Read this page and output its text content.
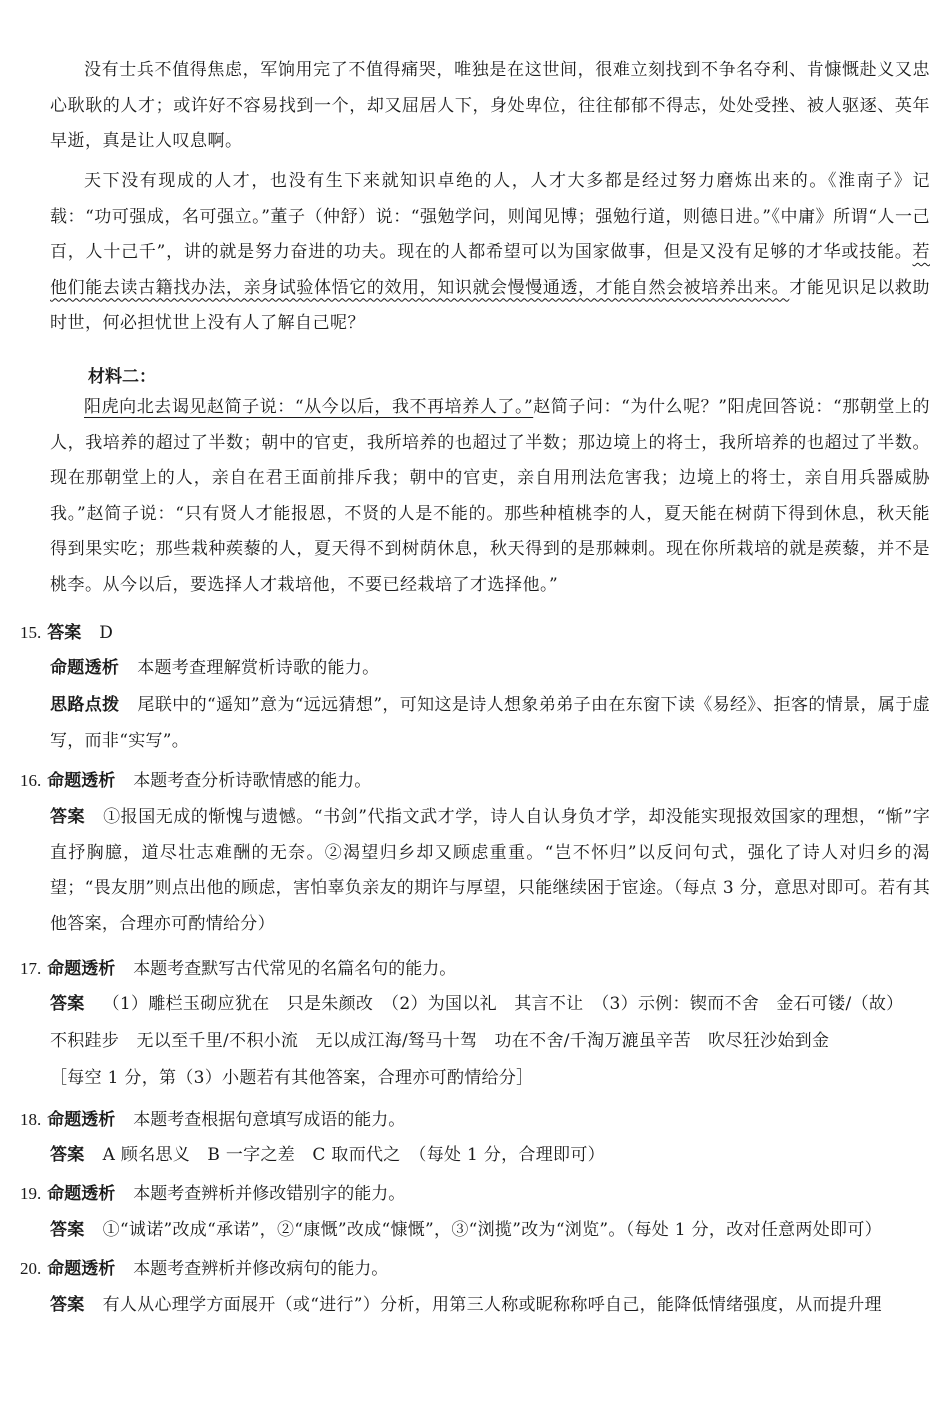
没有士兵不值得焦虑，军饷用完了不值得痛哭，唯独是在这世间，很难立刻找到不争名夺利、肯慷慨赴义又忠心耿耿的人才；或许好不容易找到一个，却又屈居人下，身处卑位，往往郁郁不得志，处处受挫、被人驱逐、英年早逝，真是让人叹息啊。
天下没有现成的人才，也没有生下来就知识卓绝的人，人才大多都是经过努力磨炼出来的。《淮南子》记载：“功可强成，名可强立。”董子（仲舒）说：“强勉学问，则闻见博；强勉行道，则德日进。”《中庸》所谓“人一己百，人十己千”，讲的就是努力奋进的功夫。现在的人都希望可以为国家做事，但是又没有足够的才华或技能。若他们能去读古籍找办法，亲身试验体悟它的效用，知识就会慢慢通透，才能自然会被培养出来。才能见识足以救助时世，何必担忧世上没有人了解自己呢？
材料二：
阳虎向北去谒见赵简子说：“从今以后，我不再培养人了。”赵简子问：“为什么呢？”阳虎回答说：“那朝堂上的人，我培养的超过了半数；朝中的官吏，我所培养的也超过了半数；那边境上的将士，我所培养的也超过了半数。现在那朝堂上的人，亲自在君王面前排斥我；朝中的官吏，亲自用刑法危害我；边境上的将士，亲自用兵器威胁我。”赵简子说：“只有贤人才能报恩，不贤的人是不能的。那些种植桃李的人，夏天能在树荫下得到休息，秋天能得到果实吃；那些栽种蒺藜的人，夏天得不到树荫休息，秋天得到的是那棘刺。现在你所栽培的就是蒺藜，并不是桃李。从今以后，要选择人才栽培他，不要已经栽培了才选择他。”
15. 答案 D
命题透析 本题考查理解赏析诗歌的能力。
思路点拨 尾联中的“遥知”意为“远远猜想”，可知这是诗人想象弟弟子由在东窗下读《易经》、拒客的情景，属于虚写，而非“实写”。
16. 命题透析 本题考查分析诗歌情感的能力。
答案 ①报国无成的惭愧与遗憾。“书剑”代指文武才学，诗人自认身负才学，却没能实现报效国家的理想，“惭”字直抒胸臆，道尽壮志难酬的无奈。②渴望归乡却又顾虑重重。“岂不怀归”以反问句式，强化了诗人对归乡的渴望；“畏友朋”则点出他的顾虑，害怕辜负亲友的期许与厚望，只能继续困于宦途。（每点 3 分，意思对即可。若有其他答案，合理亦可酌情给分）
17. 命题透析 本题考查默写古代常见的名篇名句的能力。
答案 （1）雕栏玉砌应犹在　只是朱颜改　（2）为国以礼　其言不让　（3）示例：锲而不舍　金石可镂/（故）
不积跬步　无以至千里/不积小流　无以成江海/驽马十驾　功在不舍/千淘万漉虽辛苦　吹尽狂沙始到金
［每空 1 分，第（3）小题若有其他答案，合理亦可酌情给分］
18. 命题透析 本题考查根据句意填写成语的能力。
答案 A 顾名思义　B 一字之差　C 取而代之　（每处 1 分，合理即可）
19. 命题透析 本题考查辨析并修改错别字的能力。
答案 ①“诚诺”改成“承诺”，②“康慨”改成“慷慨”，③“浏揽”改为“浏览”。（每处 1 分，改对任意两处即可）
20. 命题透析 本题考查辨析并修改病句的能力。
答案 有人从心理学方面展开（或“进行”）分析，用第三人称或昵称称呼自己，能降低情绪强度，从而提升理
